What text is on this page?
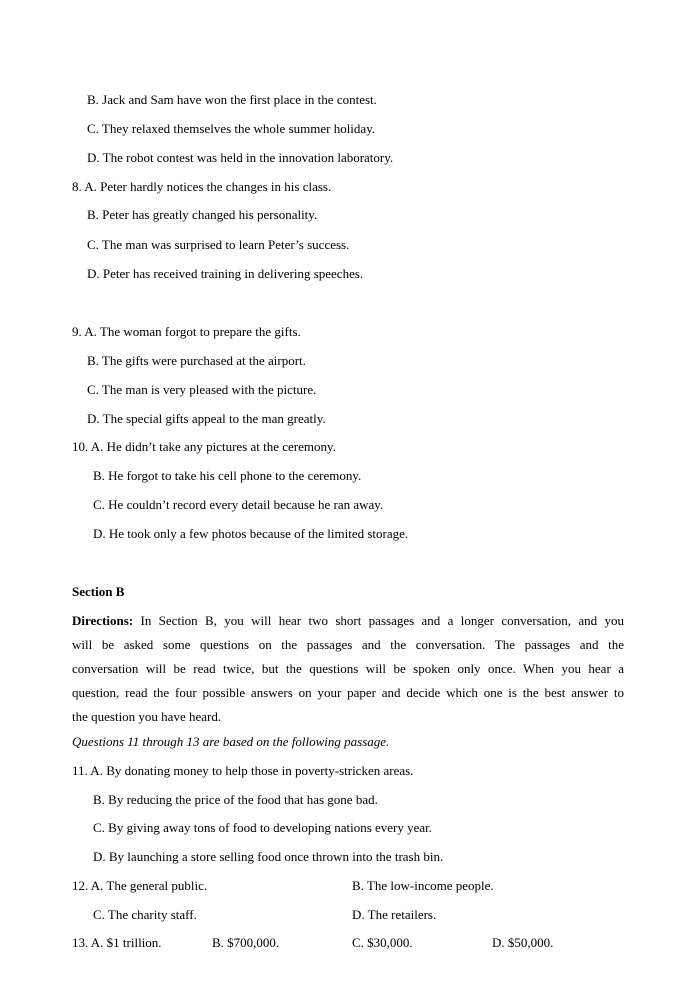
B. Jack and Sam have won the first place in the contest.
C. They relaxed themselves the whole summer holiday.
D. The robot contest was held in the innovation laboratory.
8. A. Peter hardly notices the changes in his class.
B. Peter has greatly changed his personality.
C. The man was surprised to learn Peter’s success.
D. Peter has received training in delivering speeches.
9. A. The woman forgot to prepare the gifts.
B. The gifts were purchased at the airport.
C. The man is very pleased with the picture.
D. The special gifts appeal to the man greatly.
10. A. He didn’t take any pictures at the ceremony.
B. He forgot to take his cell phone to the ceremony.
C. He couldn’t record every detail because he ran away.
D. He took only a few photos because of the limited storage.
Section B
Directions: In Section B, you will hear two short passages and a longer conversation, and you
will be asked some questions on the passages and the conversation. The passages and the
conversation will be read twice, but the questions will be spoken only once. When you hear a
question, read the four possible answers on your paper and decide which one is the best answer to
the question you have heard.
Questions 11 through 13 are based on the following passage.
11. A. By donating money to help those in poverty-stricken areas.
B. By reducing the price of the food that has gone bad.
C. By giving away tons of food to developing nations every year.
D. By launching a store selling food once thrown into the trash bin.
12. A. The general public.	B. The low-income people.
C. The charity staff.	D. The retailers.
13. A. $1 trillion.	B. $700,000.	C. $30,000.	D. $50,000.
